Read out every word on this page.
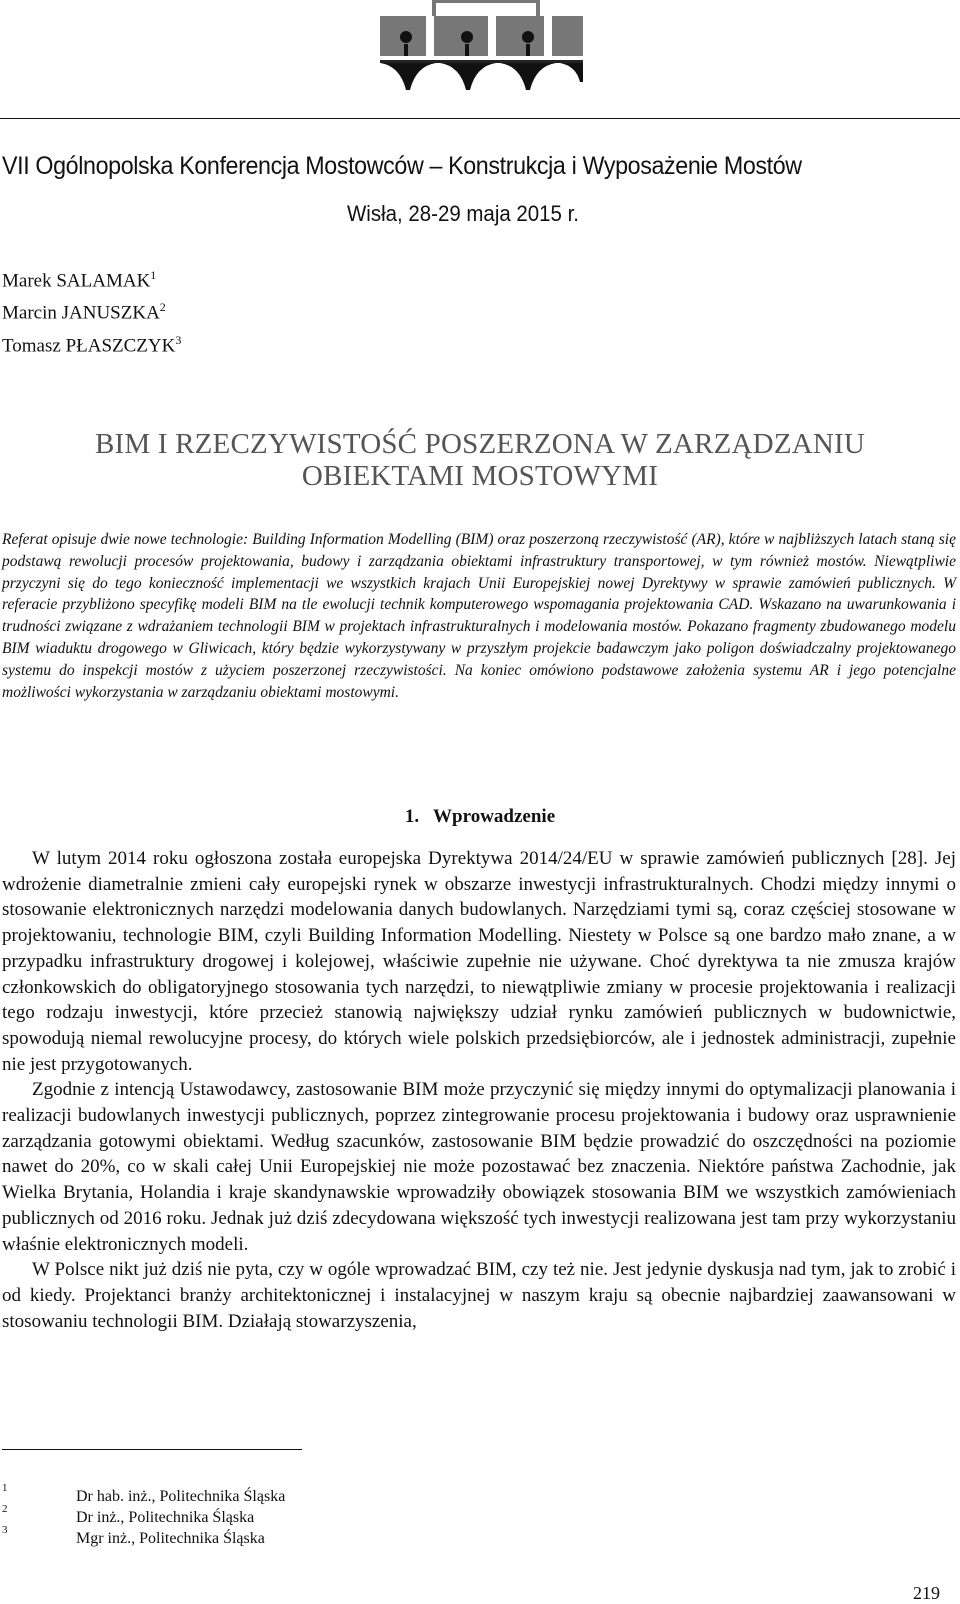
VII Ogólnopolska Konferencja Mostowców – Konstrukcja i Wyposażenie Mostów
Wisła, 28-29 maja 2015 r.
Marek SALAMAK$^1$
Marcin JANUSZKA$^2$
Tomasz PŁASZCZYK$^3$
BIM I RZECZYWISTOŚĆ POSZERZONA W ZARZĄDZANIU
OBIEKTAMI MOSTOWYMI
Referat opisuje dwie nowe technologie: Building Information Modelling (BIM) oraz poszerzoną rzeczywistość (AR), które w najbliższych latach staną się podstawą rewolucji procesów projektowania, budowy i zarządzania obiektami infrastruktury transportowej, w tym również mostów. Niewątpliwie przyczyni się do tego konieczność implementacji we wszystkich krajach Unii Europejskiej nowej Dyrektywy w sprawie zamówień publicznych. W referacie przybliżono specyfikę modeli BIM na tle ewolucji technik komputerowego wspomagania projektowania CAD. Wskazano na uwarunkowania i trudności związane z wdrażaniem technologii BIM w projektach infrastrukturalnych i modelowania mostów. Pokazano fragmenty zbudowanego modelu BIM wiaduktu drogowego w Gliwicach, który będzie wykorzystywany w przyszłym projekcie badawczym jako poligon doświadczalny projektowanego systemu do inspekcji mostów z użyciem poszerzonej rzeczywistości. Na koniec omówiono podstawowe założenia systemu AR i jego potencjalne możliwości wykorzystania w zarządzaniu obiektami mostowymi.
1.   Wprowadzenie

W lutym 2014 roku ogłoszona została europejska Dyrektywa 2014/24/EU w sprawie zamówień publicznych [28]. Jej wdrożenie diametralnie zmieni cały europejski rynek w obszarze inwestycji infrastrukturalnych. Chodzi między innymi o stosowanie elektronicznych narzędzi modelowania danych budowlanych. Narzędziami tymi są, coraz częściej stosowane w projektowaniu, technologie BIM, czyli Building Information Modelling. Niestety w Polsce są one bardzo mało znane, a w przypadku infrastruktury drogowej i kolejowej, właściwie zupełnie nie używane. Choć dyrektywa ta nie zmusza krajów członkowskich do obligatoryjnego stosowania tych narzędzi, to niewątpliwie zmiany w procesie projektowania i realizacji tego rodzaju inwestycji, które przecież stanowią największy udział rynku zamówień publicznych w budownictwie, spowodują niemal rewolucyjne procesy, do których wiele polskich przedsiębiorców, ale i jednostek administracji, zupełnie nie jest przygotowanych.

Zgodnie z intencją Ustawodawcy, zastosowanie BIM może przyczynić się między innymi do optymalizacji planowania i realizacji budowlanych inwestycji publicznych, poprzez zintegrowanie procesu projektowania i budowy oraz usprawnienie zarządzania gotowymi obiektami. Według szacunków, zastosowanie BIM będzie prowadzić do oszczędności na poziomie nawet do 20%, co w skali całej Unii Europejskiej nie może pozostawać bez znaczenia. Niektóre państwa Zachodnie, jak Wielka Brytania, Holandia i kraje skandynawskie wprowadziły obowiązek stosowania BIM we wszystkich zamówieniach publicznych od 2016 roku. Jednak już dziś zdecydowana większość tych inwestycji realizowana jest tam przy wykorzystaniu właśnie elektronicznych modeli.

W Polsce nikt już dziś nie pyta, czy w ogóle wprowadzać BIM, czy też nie. Jest jedynie dyskusja nad tym, jak to zrobić i od kiedy. Projektanci branży architektonicznej i instalacyjnej w naszym kraju są obecnie najbardziej zaawansowani w stosowaniu technologii BIM. Działają stowarzyszenia,

1	Dr hab. inż., Politechnika Śląska
2	Dr inż., Politechnika Śląska
3	Mgr inż., Politechnika Śląska
219
